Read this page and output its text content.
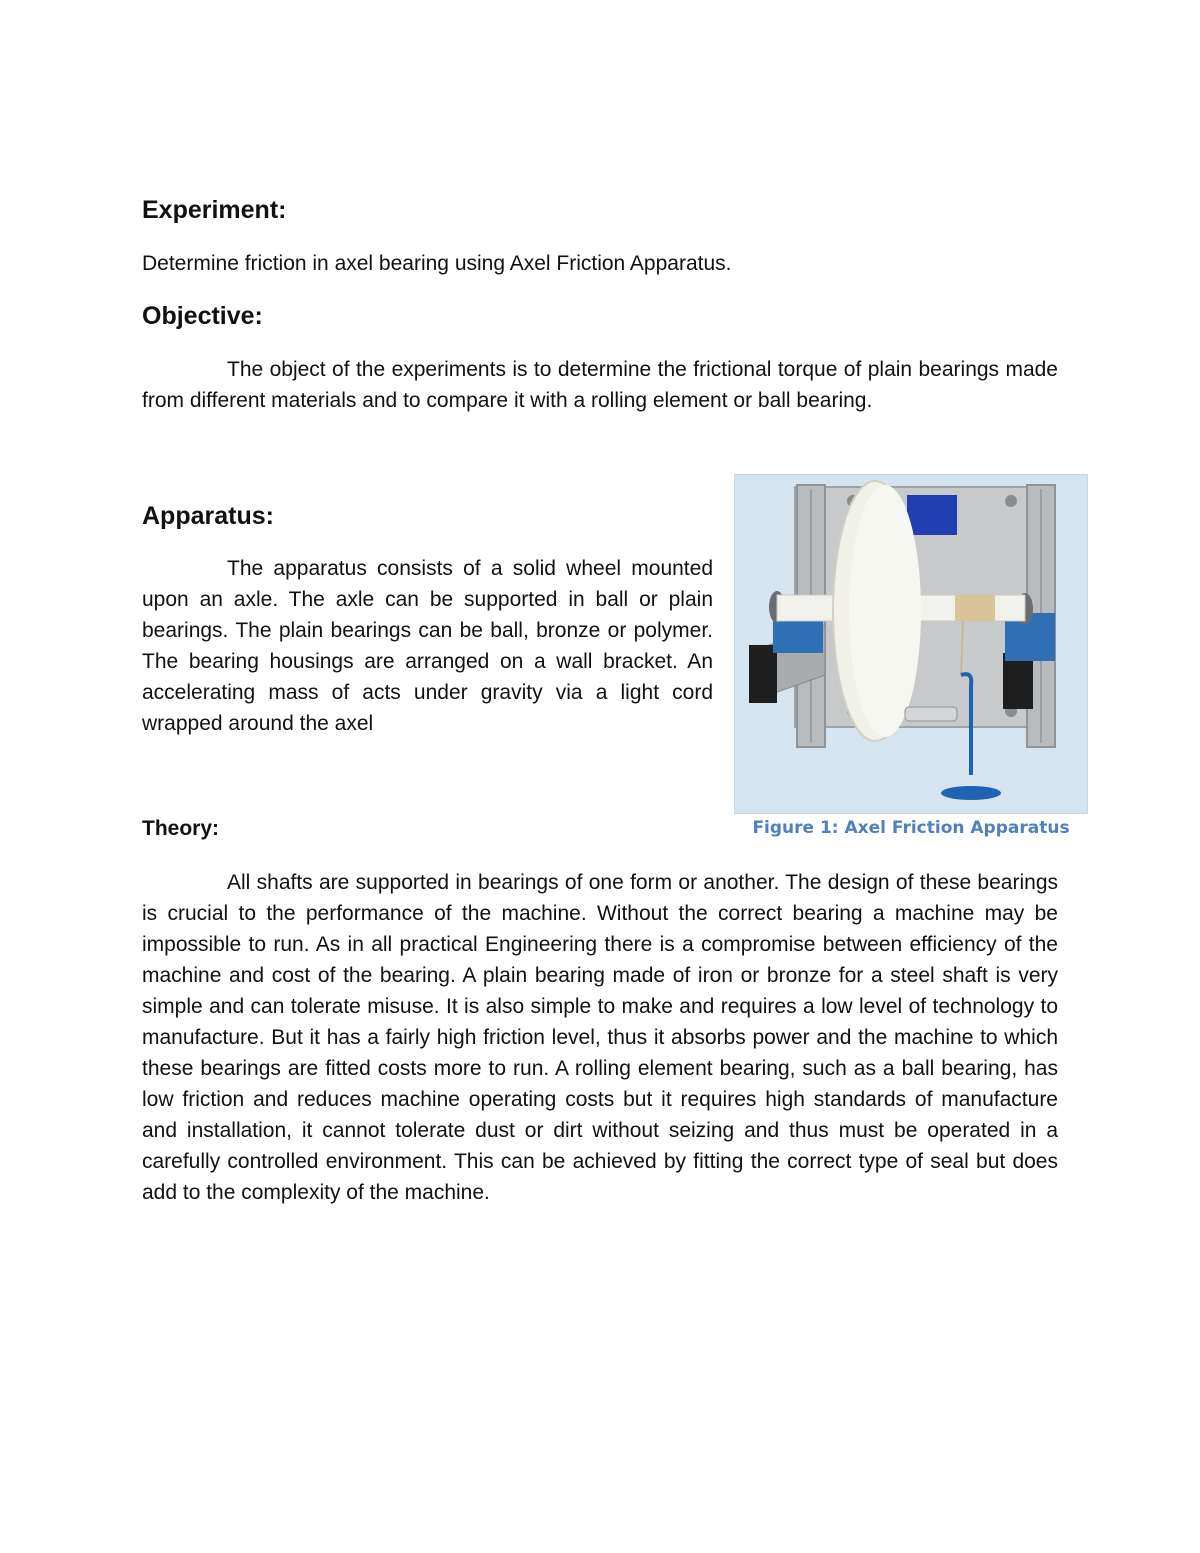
Experiment:

Determine friction in axel bearing using Axel Friction Apparatus.

Objective:

The object of the experiments is to determine the frictional torque of plain bearings made from different materials and to compare it with a rolling element or ball bearing.

Apparatus:

The apparatus consists of a solid wheel mounted upon an axle. The axle can be supported in ball or plain bearings. The plain bearings can be ball, bronze or polymer. The bearing housings are arranged on a wall bracket. An accelerating mass of acts under gravity via a light cord wrapped around the axel

Figure 1: Axel Friction Apparatus
Theory:

All shafts are supported in bearings of one form or another. The design of these bearings is crucial to the performance of the machine. Without the correct bearing a machine may be impossible to run. As in all practical Engineering there is a compromise between efficiency of the machine and cost of the bearing. A plain bearing made of iron or bronze for a steel shaft is very simple and can tolerate misuse. It is also simple to make and requires a low level of technology to manufacture. But it has a fairly high friction level, thus it absorbs power and the machine to which these bearings are fitted costs more to run. A rolling element bearing, such as a ball bearing, has low friction and reduces machine operating costs but it requires high standards of manufacture and installation, it cannot tolerate dust or dirt without seizing and thus must be operated in a carefully controlled environment. This can be achieved by fitting the correct type of seal but does add to the complexity of the machine.
